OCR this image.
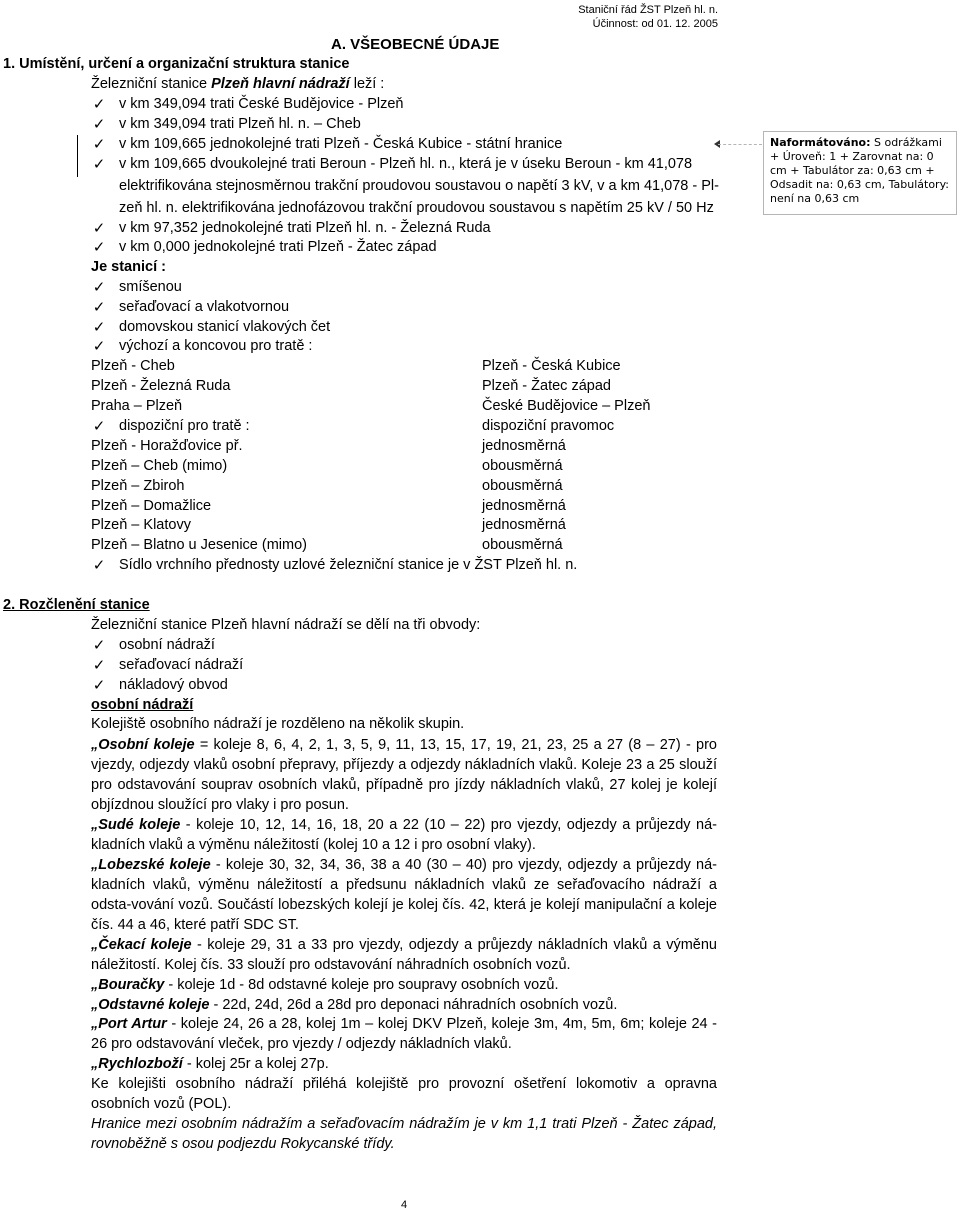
Staniční řád ŽST Plzeň hl. n.
Účinnost: od 01. 12. 2005
A. VŠEOBECNÉ ÚDAJE
1. Umístění, určení a organizační struktura stanice
Železniční stanice Plzeň hlavní nádraží leží :
✓ v km 349,094 trati České Budějovice - Plzeň
✓ v km 349,094 trati Plzeň hl. n. – Cheb
✓ v km 109,665 jednokolejné trati Plzeň - Česká Kubice - státní hranice
✓ v km 109,665 dvoukolejné trati Beroun - Plzeň hl. n., která je v úseku Beroun - km 41,078
elektrifikována stejnosměrnou trakční proudovou soustavou o napětí 3 kV, v a km 41,078 - Pl-
zeň hl. n. elektrifikována jednofázovou trakční proudovou soustavou s napětím 25 kV / 50 Hz
✓ v km 97,352 jednokolejné trati Plzeň hl. n. - Železná Ruda
✓ v km 0,000 jednokolejné trati Plzeň - Žatec západ
Naformátováno: S odrážkami + Úroveň: 1 + Zarovnat na: 0 cm + Tabulátor za: 0,63 cm + Odsadit na: 0,63 cm, Tabulátory: není na 0,63 cm
Je stanicí :
✓ smíšenou
✓ seřaďovací a vlakotvornou
✓ domovskou stanicí vlakových čet
✓ výchozí a koncovou pro tratě :
Plzeň - Cheb	Plzeň - Česká Kubice
Plzeň - Železná Ruda	Plzeň - Žatec západ
Praha – Plzeň	České Budějovice – Plzeň
✓ dispoziční pro tratě :	dispoziční pravomoc
Plzeň - Horažďovice př.	jednosměrná
Plzeň – Cheb (mimo)	obousměrná
Plzeň – Zbiroh	obousměrná
Plzeň – Domažlice	jednosměrná
Plzeň – Klatovy	jednosměrná
Plzeň – Blatno u Jesenice (mimo)	obousměrná
✓ Sídlo vrchního přednosty uzlové železniční stanice je v ŽST Plzeň hl. n.
2. Rozčlenění stanice
Železniční stanice Plzeň hlavní nádraží se dělí na tři obvody:
✓ osobní nádraží
✓ seřaďovací nádraží
✓ nákladový obvod
osobní nádraží
Kolejiště osobního nádraží je rozděleno na několik skupin.
„Osobní koleje = koleje 8, 6, 4, 2, 1, 3, 5, 9, 11, 13, 15, 17, 19, 21, 23, 25 a 27 (8 – 27) - pro vjezdy, odjezdy vlaků osobní přepravy, příjezdy a odjezdy nákladních vlaků. Koleje 23 a 25 slouží pro odstavování souprav osobních vlaků, případně pro jízdy nákladních vlaků, 27 kolej je kolejí objízdnou sloužící pro vlaky i pro posun.
„Sudé koleje - koleje 10, 12, 14, 16, 18, 20 a 22 (10 – 22) pro vjezdy, odjezdy a průjezdy ná-kladních vlaků a výměnu náležitostí (kolej 10 a 12 i pro osobní vlaky).
„Lobezské koleje - koleje 30, 32, 34, 36, 38 a 40 (30 – 40) pro vjezdy, odjezdy a průjezdy ná-kladních vlaků, výměnu náležitostí a předsunu nákladních vlaků ze seřaďovacího nádraží a odsta-vování vozů. Součástí lobezských kolejí je kolej čís. 42, která je kolejí manipulační a koleje čís. 44 a 46, které patří SDC ST.
„Čekací koleje - koleje 29, 31 a 33 pro vjezdy, odjezdy a průjezdy nákladních vlaků a výměnu náležitostí. Kolej čís. 33 slouží pro odstavování náhradních osobních vozů.
„Bouračky - koleje 1d - 8d odstavné koleje pro soupravy osobních vozů.
„Odstavné koleje - 22d, 24d, 26d a 28d pro deponaci náhradních osobních vozů.
„Port Artur - koleje 24, 26 a 28, kolej 1m – kolej DKV Plzeň, koleje 3m, 4m, 5m, 6m; koleje 24 - 26 pro odstavování vleček, pro vjezdy / odjezdy nákladních vlaků.
„Rychlozboží - kolej 25r a kolej 27p.
Ke kolejišti osobního nádraží přiléhá kolejiště pro provozní ošetření lokomotiv a opravna osobních vozů (POL).
Hranice mezi osobním nádražím a seřaďovacím nádražím je v km 1,1 trati Plzeň - Žatec západ, rovnoběžně s osou podjezdu Rokycanské třídy.
4
